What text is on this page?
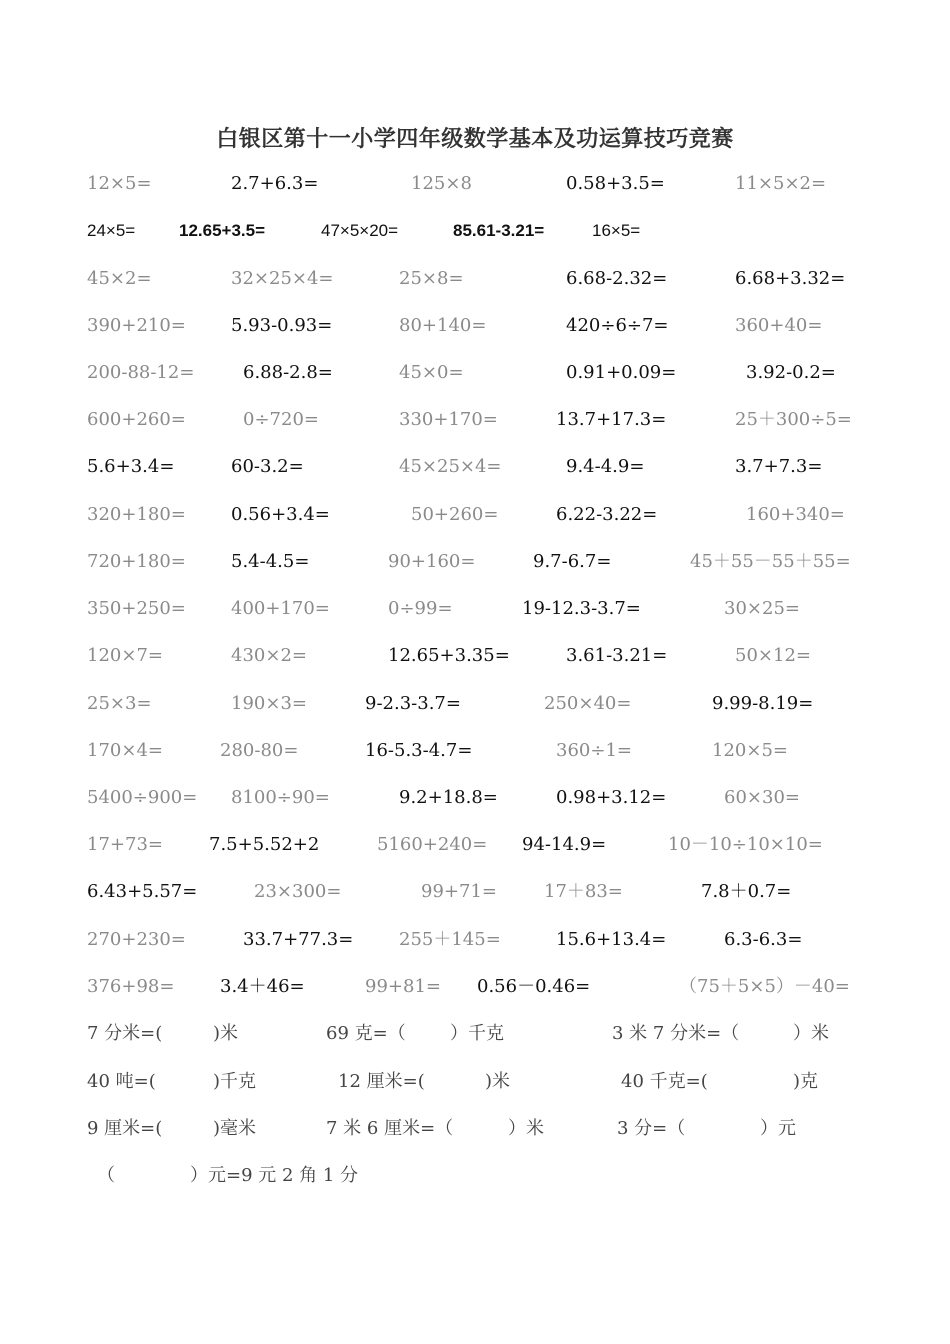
白银区第十一小学四年级数学基本及功运算技巧竞赛
12×5=	2.7+6.3=	125×8	0.58+3.5=	11×5×2=
24×5=	12.65+3.5=	47×5×20=	85.61-3.21=	16×5=
45×2=	32×25×4=	25×8=	6.68-2.32=	6.68+3.32=
390+210=	5.93-0.93=	80+140=	420÷6÷7=	360+40=
200-88-12=	6.88-2.8=	45×0=	0.91+0.09=	3.92-0.2=
600+260=	0÷720=	330+170=	13.7+17.3=	25＋300÷5=
5.6+3.4=	60-3.2=	45×25×4=	9.4-4.9=	3.7+7.3=
320+180=	0.56+3.4=	50+260=	6.22-3.22=	160+340=
720+180=	5.4-4.5=	90+160=	9.7-6.7=	45＋55－55＋55=
350+250=	400+170=	0÷99=	19-12.3-3.7=	30×25=
120×7=	430×2=	12.65+3.35=	3.61-3.21=	50×12=
25×3=	190×3=	9-2.3-3.7=	250×40=	9.99-8.19=
170×4=	280-80=	16-5.3-4.7=	360÷1=	120×5=
5400÷900= 8100÷90=	9.2+18.8=	0.98+3.12=	60×30=
17+73=	7.5+5.52+2	5160+240= 94-14.9=	10－10÷10×10=
6.43+5.57=	23×300=	99+71=	17＋83=	7.8＋0.7=
270+230=	33.7+77.3=	255＋145=	15.6+13.4=	6.3-6.3=
376+98=	3.4＋46=	99+81= 0.56－0.46=	（75＋5×5）－40=
7 分米=(	)米	69 克=（ ）千克	3 米 7 分米=（	）米
40 吨=(	)千克	12 厘米=(	)米	40 千克=(	)克
9 厘米=(	)毫米	7 米 6 厘米=（	）米	3 分=（	）元
（	）元=9 元 2 角 1 分
